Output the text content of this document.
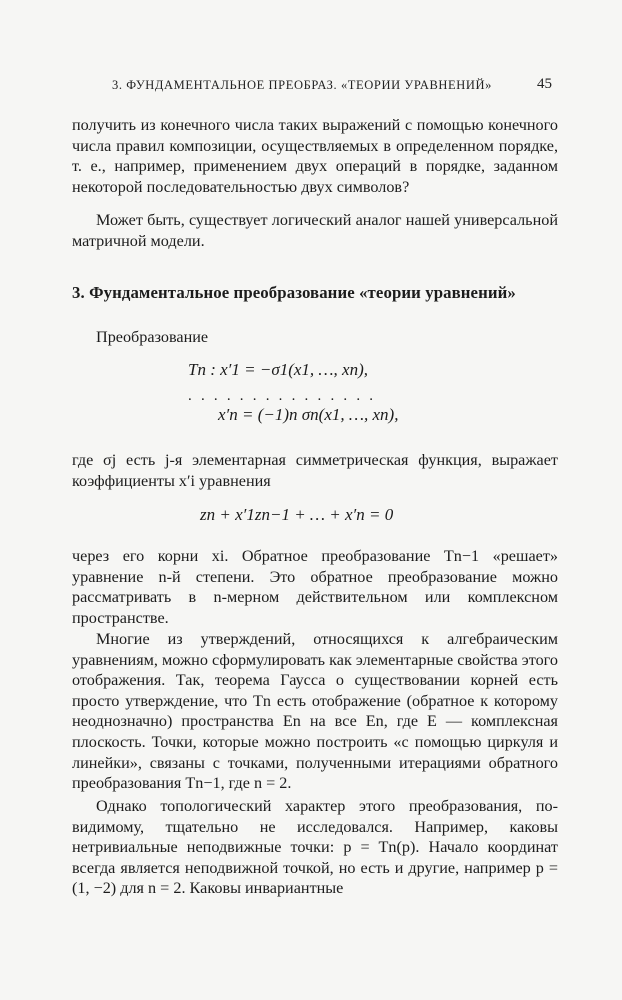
3. ФУНДАМЕНТАЛЬНОЕ ПРЕОБРАЗ. «ТЕОРИИ УРАВНЕНИЙ»	45
получить из конечного числа таких выражений с помощью конечного числа правил композиции, осуществляемых в определенном порядке, т. е., например, применением двух операций в порядке, заданном некоторой последовательностью двух символов?
Может быть, существует логический аналог нашей универсальной матричной модели.
3. Фундаментальное преобразование «теории уравнений»
Преобразование
Tn : x′1 = −σ1(x1, …, xn),
...............
x′n = (−1)n σn(x1, …, xn),
где σj есть j-я элементарная симметрическая функция, выражает коэффициенты x′i уравнения
zn + x′1zn−1 + … + x′n = 0
через его корни xi. Обратное преобразование Tn−1 «решает» уравнение n-й степени. Это обратное преобразование можно рассматривать в n-мерном действительном или комплексном пространстве.
Многие из утверждений, относящихся к алгебраическим уравнениям, можно сформулировать как элементарные свойства этого отображения. Так, теорема Гаусса о существовании корней есть просто утверждение, что Tn есть отображение (обратное к которому неоднозначно) пространства En на все En, где E — комплексная плоскость. Точки, которые можно построить «с помощью циркуля и линейки», связаны с точками, полученными итерациями обратного преобразования Tn−1, где n = 2.
Однако топологический характер этого преобразования, по-видимому, тщательно не исследовался. Например, каковы нетривиальные неподвижные точки: p = Tn(p). Начало координат всегда является неподвижной точкой, но есть и другие, например p = (1, −2) для n = 2. Каковы инвариантные
